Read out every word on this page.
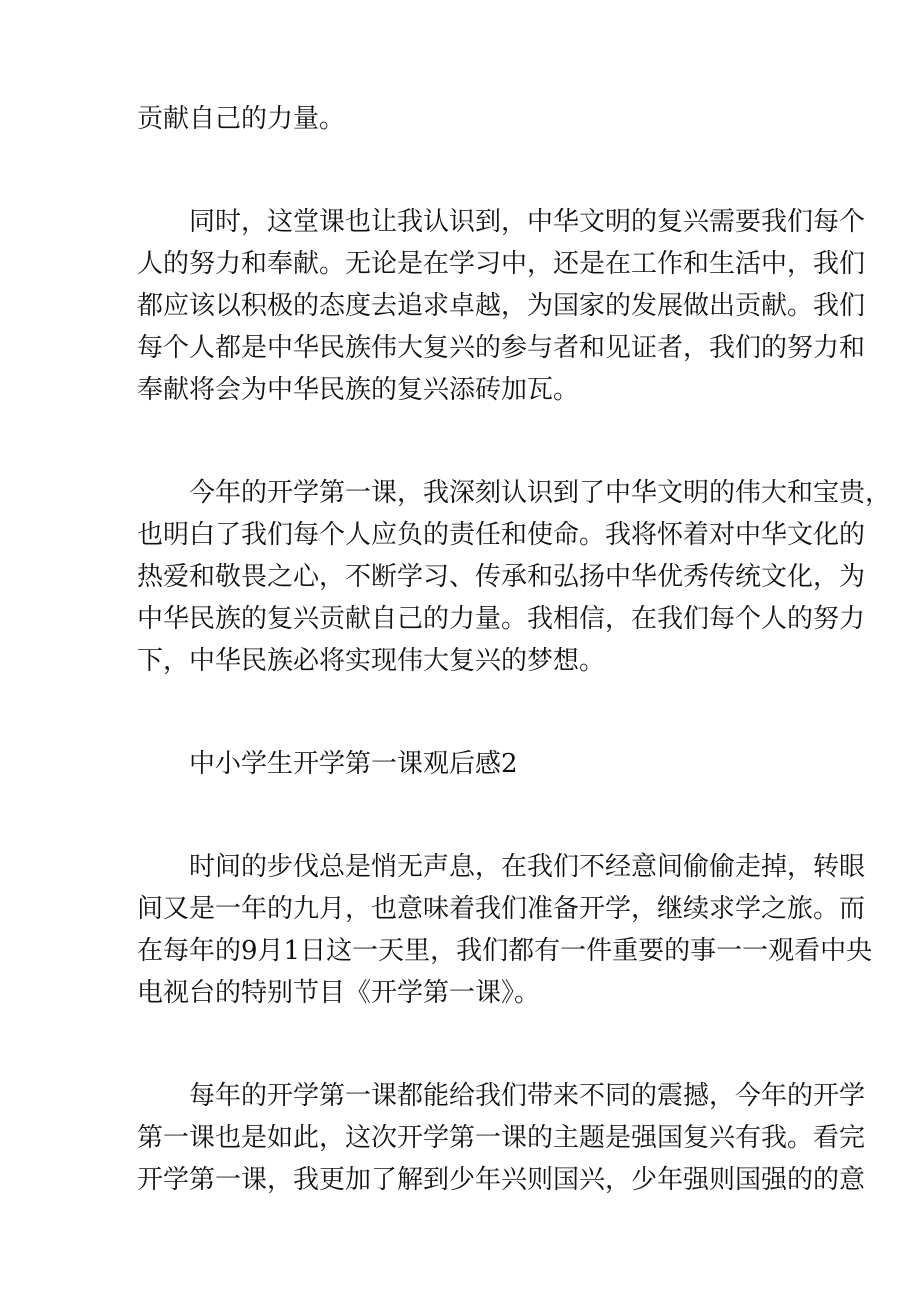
贡献自己的力量。

同时，这堂课也让我认识到，中华文明的复兴需要我们每个
人的努力和奉献。无论是在学习中，还是在工作和生活中，我们
都应该以积极的态度去追求卓越，为国家的发展做出贡献。我们
每个人都是中华民族伟大复兴的参与者和见证者，我们的努力和
奉献将会为中华民族的复兴添砖加瓦。

今年的开学第一课，我深刻认识到了中华文明的伟大和宝贵，
也明白了我们每个人应负的责任和使命。我将怀着对中华文化的
热爱和敬畏之心，不断学习、传承和弘扬中华优秀传统文化，为
中华民族的复兴贡献自己的力量。我相信，在我们每个人的努力
下，中华民族必将实现伟大复兴的梦想。

中小学生开学第一课观后感2

时间的步伐总是悄无声息，在我们不经意间偷偷走掉，转眼
间又是一年的九月，也意味着我们准备开学，继续求学之旅。而
在每年的9月1日这一天里，我们都有一件重要的事一一观看中央
电视台的特别节目《开学第一课》。

每年的开学第一课都能给我们带来不同的震撼，今年的开学
第一课也是如此，这次开学第一课的主题是强国复兴有我。看完
开学第一课，我更加了解到少年兴则国兴，少年强则国强的的意
